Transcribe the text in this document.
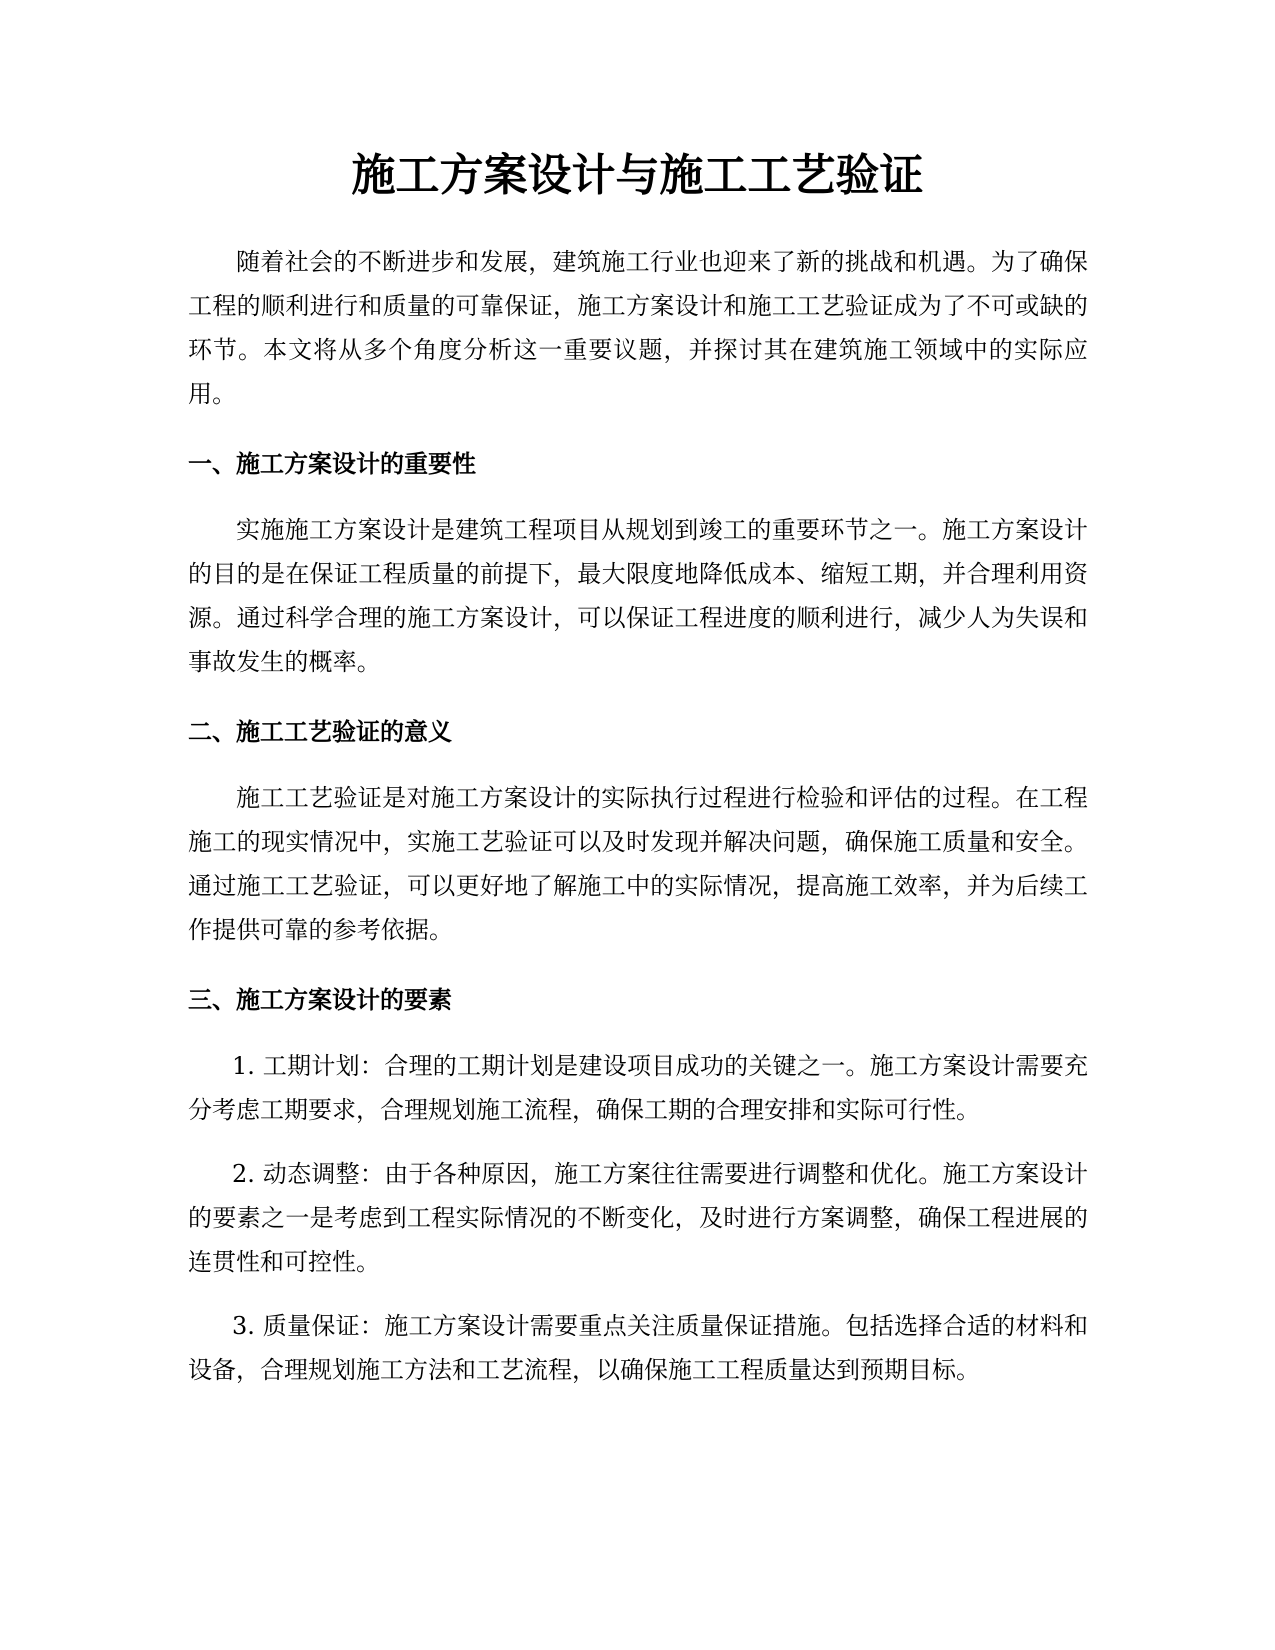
施工方案设计与施工工艺验证

随着社会的不断进步和发展，建筑施工行业也迎来了新的挑战和机遇。为了确保工程的顺利进行和质量的可靠保证，施工方案设计和施工工艺验证成为了不可或缺的环节。本文将从多个角度分析这一重要议题，并探讨其在建筑施工领域中的实际应用。

一、施工方案设计的重要性

实施施工方案设计是建筑工程项目从规划到竣工的重要环节之一。施工方案设计的目的是在保证工程质量的前提下，最大限度地降低成本、缩短工期，并合理利用资源。通过科学合理的施工方案设计，可以保证工程进度的顺利进行，减少人为失误和事故发生的概率。

二、施工工艺验证的意义

施工工艺验证是对施工方案设计的实际执行过程进行检验和评估的过程。在工程施工的现实情况中，实施工艺验证可以及时发现并解决问题，确保施工质量和安全。通过施工工艺验证，可以更好地了解施工中的实际情况，提高施工效率，并为后续工作提供可靠的参考依据。

三、施工方案设计的要素

1. 工期计划：合理的工期计划是建设项目成功的关键之一。施工方案设计需要充分考虑工期要求，合理规划施工流程，确保工期的合理安排和实际可行性。

2. 动态调整：由于各种原因，施工方案往往需要进行调整和优化。施工方案设计的要素之一是考虑到工程实际情况的不断变化，及时进行方案调整，确保工程进展的连贯性和可控性。

3. 质量保证：施工方案设计需要重点关注质量保证措施。包括选择合适的材料和设备，合理规划施工方法和工艺流程，以确保施工工程质量达到预期目标。
